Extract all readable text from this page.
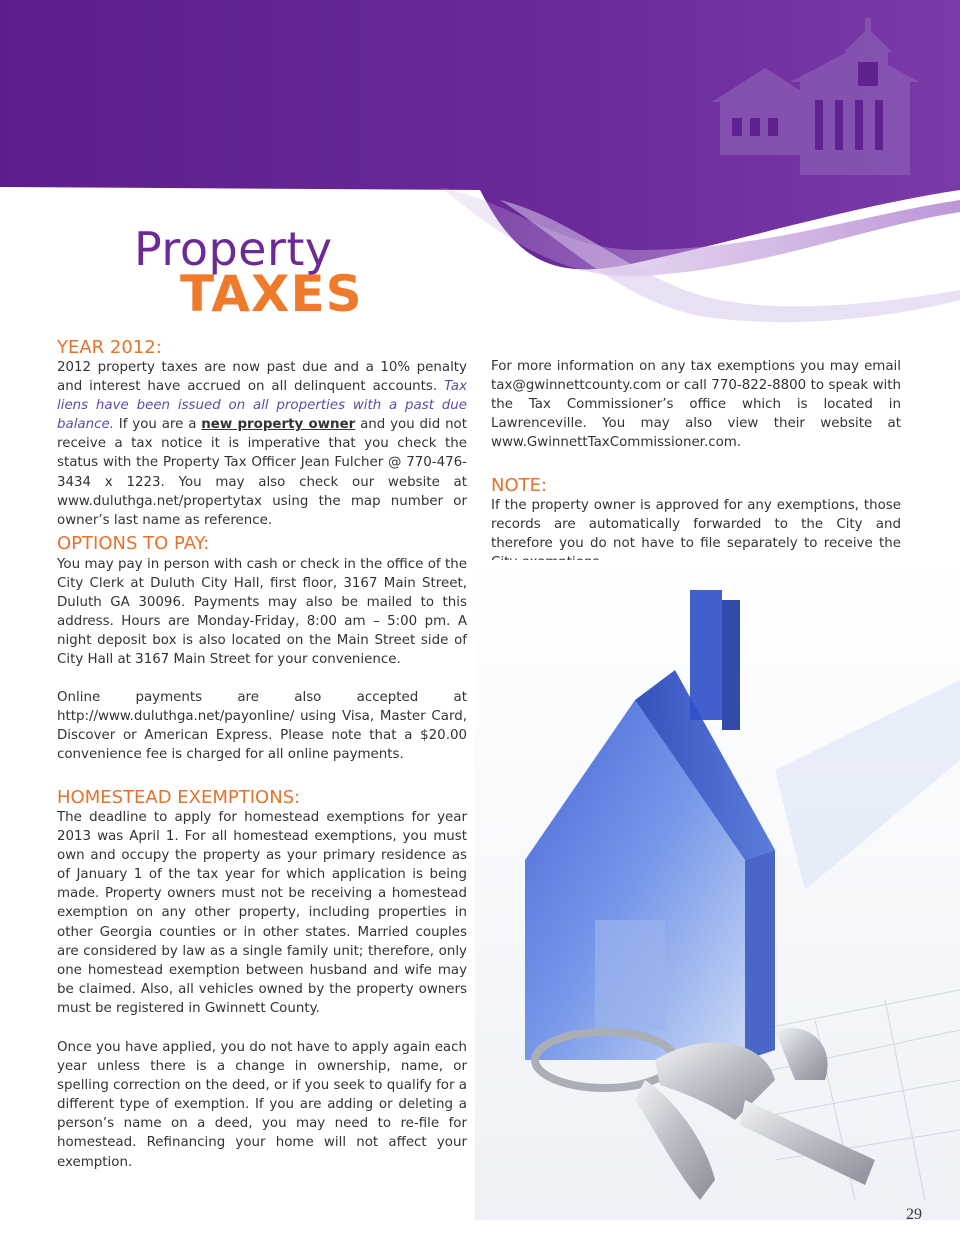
Property
TAXES
YEAR 2012:
2012 property taxes are now past due and a 10% penalty and interest have accrued on all delinquent accounts. Tax liens have been issued on all properties with a past due balance. If you are a new property owner and you did not receive a tax notice it is imperative that you check the status with the Property Tax Officer Jean Fulcher @ 770-476-3434 x 1223. You may also check our website at www.duluthga.net/propertytax using the map number or owner’s last name as reference.
OPTIONS TO PAY:
You may pay in person with cash or check in the office of the City Clerk at Duluth City Hall, first floor, 3167 Main Street, Duluth GA 30096. Payments may also be mailed to this address. Hours are Monday-Friday, 8:00 am – 5:00 pm. A night deposit box is also located on the Main Street side of City Hall at 3167 Main Street for your convenience.
Online payments are also accepted at http://www.duluthga.net/payonline/ using Visa, Master Card, Discover or American Express. Please note that a $20.00 convenience fee is charged for all online payments.
HOMESTEAD EXEMPTIONS:
The deadline to apply for homestead exemptions for year 2013 was April 1. For all homestead exemptions, you must own and occupy the property as your primary residence as of January 1 of the tax year for which application is being made. Property owners must not be receiving a homestead exemption on any other property, including properties in other Georgia counties or in other states. Married couples are considered by law as a single family unit; therefore, only one homestead exemption between husband and wife may be claimed. Also, all vehicles owned by the property owners must be registered in Gwinnett County.
Once you have applied, you do not have to apply again each year unless there is a change in ownership, name, or spelling correction on the deed, or if you seek to qualify for a different type of exemption. If you are adding or deleting a person’s name on a deed, you may need to re-file for homestead. Refinancing your home will not affect your exemption.
For more information on any tax exemptions you may email tax@gwinnettcounty.com or call 770-822-8800 to speak with the Tax Commissioner’s office which is located in Lawrenceville. You may also view their website at www.GwinnettTaxCommissioner.com.
NOTE:
If the property owner is approved for any exemptions, those records are automatically forwarded to the City and therefore you do not have to file separately to receive the
29
